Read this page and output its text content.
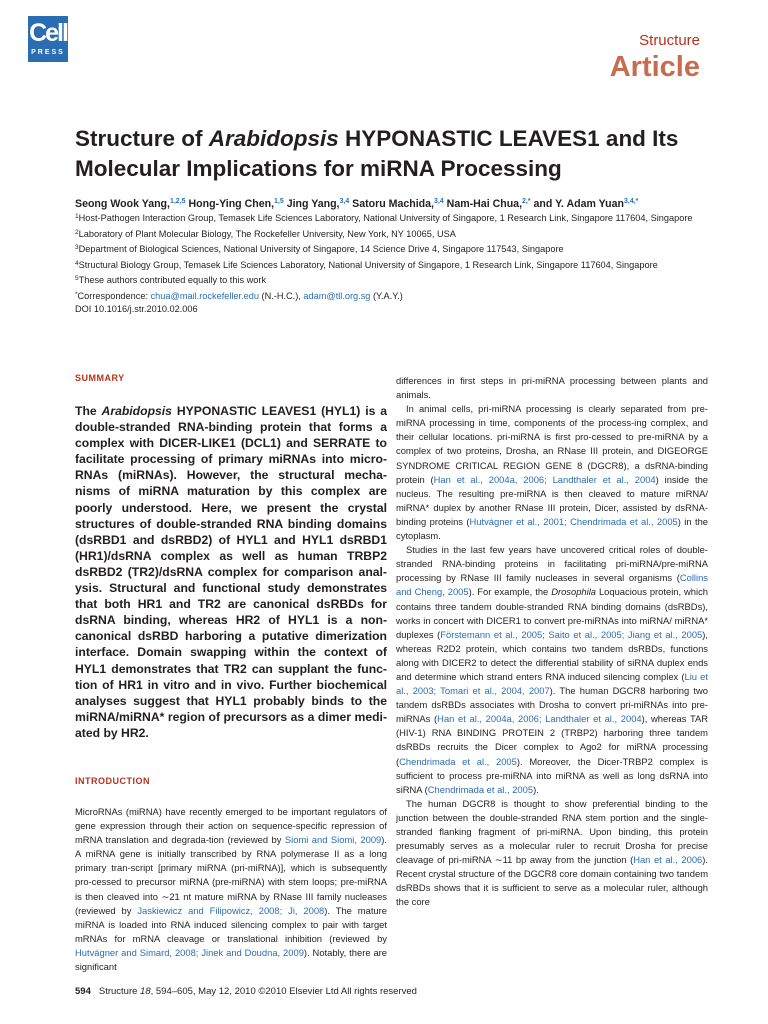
Cell
PRESS
Structure
Article
Structure of Arabidopsis HYPONASTIC LEAVES1 and Its Molecular Implications for miRNA Processing
Seong Wook Yang,$^{1,2,5}$ Hong-Ying Chen,$^{1,5}$ Jing Yang,$^{3,4}$ Satoru Machida,$^{3,4}$ Nam-Hai Chua,$^{2,*}$ and Y. Adam Yuan$^{3,4,*}$
$^1$Host-Pathogen Interaction Group, Temasek Life Sciences Laboratory, National University of Singapore, 1 Research Link, Singapore 117604, Singapore
$^2$Laboratory of Plant Molecular Biology, The Rockefeller University, New York, NY 10065, USA
$^3$Department of Biological Sciences, National University of Singapore, 14 Science Drive 4, Singapore 117543, Singapore
$^4$Structural Biology Group, Temasek Life Sciences Laboratory, National University of Singapore, 1 Research Link, Singapore 117604, Singapore
$^5$These authors contributed equally to this work
*Correspondence: chua@mail.rockefeller.edu (N.-H.C.), adam@tll.org.sg (Y.A.Y.)
DOI 10.1016/j.str.2010.02.006
SUMMARY

The Arabidopsis HYPONASTIC LEAVES1 (HYL1) is a double-stranded RNA-binding protein that forms a complex with DICER-LIKE1 (DCL1) and SERRATE to facilitate processing of primary miRNAs into micro-RNAs (miRNAs). However, the structural mecha-nisms of miRNA maturation by this complex are poorly understood. Here, we present the crystal structures of double-stranded RNA binding domains (dsRBD1 and dsRBD2) of HYL1 and HYL1 dsRBD1 (HR1)/dsRNA complex as well as human TRBP2 dsRBD2 (TR2)/dsRNA complex for comparison anal-ysis. Structural and functional study demonstrates that both HR1 and TR2 are canonical dsRBDs for dsRNA binding, whereas HR2 of HYL1 is a non-canonical dsRBD harboring a putative dimerization interface. Domain swapping within the context of HYL1 demonstrates that TR2 can supplant the func-tion of HR1 in vitro and in vivo. Further biochemical analyses suggest that HYL1 probably binds to the miRNA/miRNA* region of precursors as a dimer medi-ated by HR2.

INTRODUCTION

MicroRNAs (miRNA) have recently emerged to be important regulators of gene expression through their action on sequence-specific repression of mRNA translation and degrada-tion (reviewed by Siomi and Siomi, 2009). A miRNA gene is initially transcribed by RNA polymerase II as a long primary tran-script [primary miRNA (pri-miRNA)], which is subsequently pro-cessed to precursor miRNA (pre-miRNA) with stem loops; pre-miRNA is then cleaved into ∼21 nt mature miRNA by RNase III family nucleases (reviewed by Jaskiewicz and Filipowicz, 2008; Ji, 2008). The mature miRNA is loaded into RNA induced silencing complex to pair with target mRNAs for mRNA cleavage or translational inhibition (reviewed by Hutvágner and Simard, 2008; Jinek and Doudna, 2009). Notably, there are significant

differences in first steps in pri-miRNA processing between plants and animals.

In animal cells, pri-miRNA processing is clearly separated from pre-miRNA processing in time, components of the process-ing complex, and their cellular locations. pri-miRNA is first pro-cessed to pre-miRNA by a complex of two proteins, Drosha, an RNase III protein, and DIGEORGE SYNDROME CRITICAL REGION GENE 8 (DGCR8), a dsRNA-binding protein (Han et al., 2004a, 2006; Landthaler et al., 2004) inside the nucleus. The resulting pre-miRNA is then cleaved to mature miRNA/ miRNA* duplex by another RNase III protein, Dicer, assisted by dsRNA-binding proteins (Hutvágner et al., 2001; Chendrimada et al., 2005) in the cytoplasm.

Studies in the last few years have uncovered critical roles of double-stranded RNA-binding proteins in facilitating pri-miRNA/pre-miRNA processing by RNase III family nucleases in several organisms (Collins and Cheng, 2005). For example, the Drosophila Loquacious protein, which contains three tandem double-stranded RNA binding domains (dsRBDs), works in concert with DICER1 to convert pre-miRNAs into miRNA/ miRNA* duplexes (Förstemann et al., 2005; Saito et al., 2005; Jiang et al., 2005), whereas R2D2 protein, which contains two tandem dsRBDs, functions along with DICER2 to detect the differential stability of siRNA duplex ends and determine which strand enters RNA induced silencing complex (Liu et al., 2003; Tomari et al., 2004, 2007). The human DGCR8 harboring two tandem dsRBDs associates with Drosha to convert pri-miRNAs into pre-miRNAs (Han et al., 2004a, 2006; Landthaler et al., 2004), whereas TAR (HIV-1) RNA BINDING PROTEIN 2 (TRBP2) harboring three tandem dsRBDs recruits the Dicer complex to Ago2 for miRNA processing (Chendrimada et al., 2005). Moreover, the Dicer-TRBP2 complex is sufficient to process pre-miRNA into miRNA as well as long dsRNA into siRNA (Chendrimada et al., 2005).

The human DGCR8 is thought to show preferential binding to the junction between the double-stranded RNA stem portion and the single-stranded flanking fragment of pri-miRNA. Upon binding, this protein presumably serves as a molecular ruler to recruit Drosha for precise cleavage of pri-miRNA ∼11 bp away from the junction (Han et al., 2006). Recent crystal structure of the DGCR8 core domain containing two tandem dsRBDs shows that it is sufficient to serve as a molecular ruler, although the core

594 Structure 18, 594–605, May 12, 2010 ©2010 Elsevier Ltd All rights reserved
